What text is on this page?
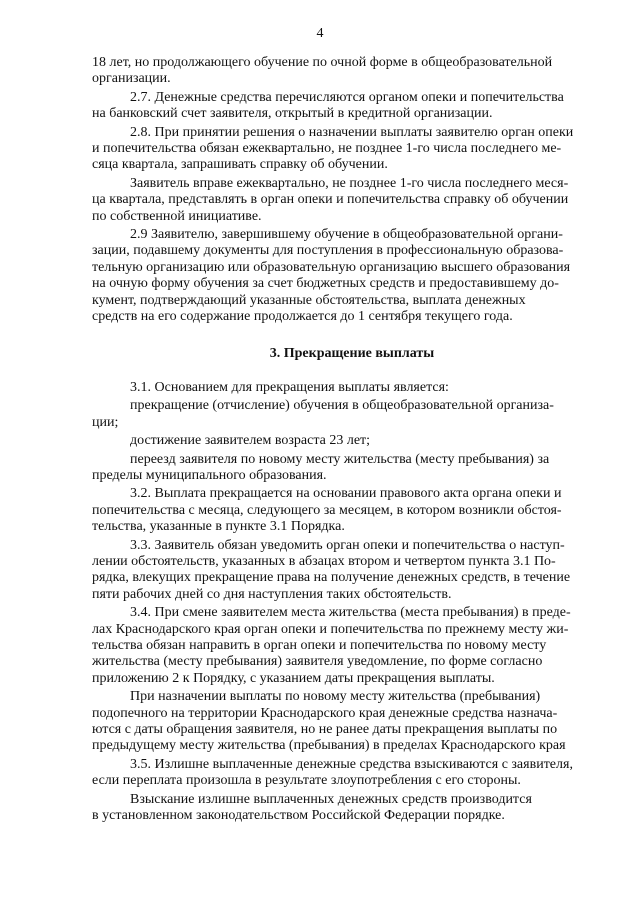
4

18 лет, но продолжающего обучение по очной форме в общеобразовательной
организации.

2.7. Денежные средства перечисляются органом опеки и попечительства
на банковский счет заявителя, открытый в кредитной организации.

2.8. При принятии решения о назначении выплаты заявителю орган опеки
и попечительства обязан ежеквартально, не позднее 1-го числа последнего ме-
сяца квартала, запрашивать справку об обучении.

Заявитель вправе ежеквартально, не позднее 1-го числа последнего меся-
ца квартала, представлять в орган опеки и попечительства справку об обучении
по собственной инициативе.

2.9 Заявителю, завершившему обучение в общеобразовательной органи-
зации, подавшему документы для поступления в профессиональную образова-
тельную организацию или образовательную организацию высшего образования
на очную форму обучения за счет бюджетных средств и предоставившему до-
кумент, подтверждающий указанные обстоятельства, выплата денежных
средств на его содержание продолжается до 1 сентября текущего года.

3. Прекращение выплаты

3.1. Основанием для прекращения выплаты является:

прекращение (отчисление) обучения в общеобразовательной организа-
ции;

достижение заявителем возраста 23 лет;

переезд заявителя по новому месту жительства (месту пребывания) за
пределы муниципального образования.

3.2. Выплата прекращается на основании правового акта органа опеки и
попечительства с месяца, следующего за месяцем, в котором возникли обстоя-
тельства, указанные в пункте 3.1 Порядка.

3.3. Заявитель обязан уведомить орган опеки и попечительства о наступ-
лении обстоятельств, указанных в абзацах втором и четвертом пункта 3.1 По-
рядка, влекущих прекращение права на получение денежных средств, в течение
пяти рабочих дней со дня наступления таких обстоятельств.

3.4. При смене заявителем места жительства (места пребывания) в преде-
лах Краснодарского края орган опеки и попечительства по прежнему месту жи-
тельства обязан направить в орган опеки и попечительства по новому месту
жительства (месту пребывания) заявителя уведомление, по форме согласно
приложению 2 к Порядку, с указанием даты прекращения выплаты.

При назначении выплаты по новому месту жительства (пребывания)
подопечного на территории Краснодарского края денежные средства назнача-
ются с даты обращения заявителя, но не ранее даты прекращения выплаты по
предыдущему месту жительства (пребывания) в пределах Краснодарского края

3.5. Излишне выплаченные денежные средства взыскиваются с заявителя,
если переплата произошла в результате злоупотребления с его стороны.

Взыскание излишне выплаченных денежных средств производится
в установленном законодательством Российской Федерации порядке.
